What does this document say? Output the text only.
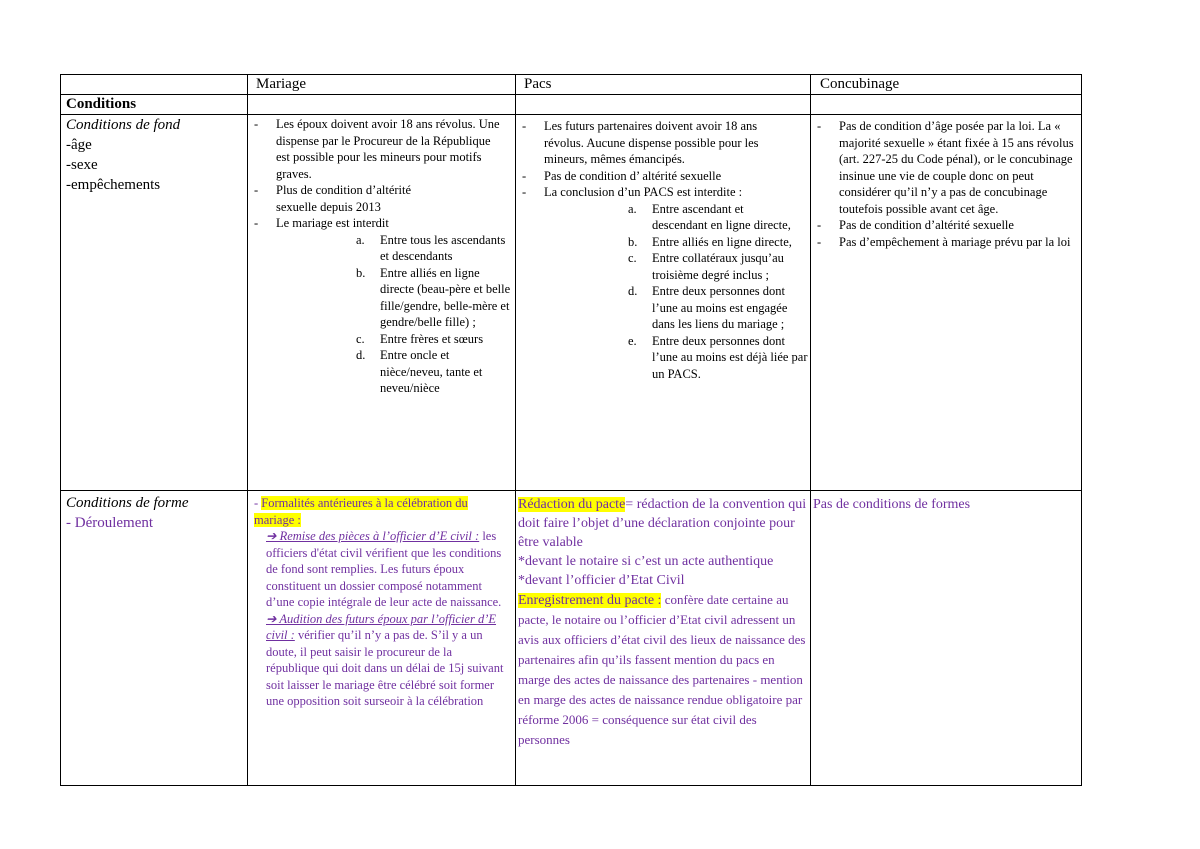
Mariage	Pacs	Concubinage
Conditions
Conditions de fond
-âge
-sexe
-empêchements
- Les époux doivent avoir 18 ans révolus. Une dispense par le Procureur de la République est possible pour les mineurs pour motifs graves.
- Plus de condition d’altérité sexuelle depuis 2013
- Le mariage est interdit
a. Entre tous les ascendants et descendants
b. Entre alliés en ligne directe (beau-père et belle fille/gendre, belle-mère et gendre/belle fille) ;
c. Entre frères et sœurs
d. Entre oncle et nièce/neveu, tante et neveu/nièce
- Les futurs partenaires doivent avoir 18 ans révolus. Aucune dispense possible pour les mineurs, mêmes émancipés.
- Pas de condition d’ altérité sexuelle
- La conclusion d’un PACS est interdite :
a. Entre ascendant et descendant en ligne directe,
b. Entre alliés en ligne directe,
c. Entre collatéraux jusqu’au troisième degré inclus ;
d. Entre deux personnes dont l’une au moins est engagée dans les liens du mariage ;
e. Entre deux personnes dont l’une au moins est déjà liée par un PACS.
- Pas de condition d’âge posée par la loi. La « majorité sexuelle » étant fixée à 15 ans révolus (art. 227-25 du Code pénal), or le concubinage insinue une vie de couple donc on peut considérer qu’il n’y a pas de concubinage toutefois possible avant cet âge.
- Pas de condition d’altérité sexuelle
- Pas d’empêchement à mariage prévu par la loi
Conditions de forme
- Déroulement
- Formalités antérieures à la célébration du mariage :
➔ Remise des pièces à l’officier d’E civil : les officiers d'état civil vérifient que les conditions de fond sont remplies. Les futurs époux constituent un dossier composé notamment d’une copie intégrale de leur acte de naissance.
➔ Audition des futurs époux par l’officier d’E civil : vérifier qu’il n’y a pas de. S’il y a un doute, il peut saisir le procureur de la république qui doit dans un délai de 15j suivant soit laisser le mariage être célébré soit former une opposition soit surseoir à la célébration
Rédaction du pacte= rédaction de la convention qui doit faire l’objet d’une déclaration conjointe pour être valable
*devant le notaire si c’est un acte authentique
*devant l’officier d’Etat Civil
Enregistrement du pacte : confère date certaine au pacte, le notaire ou l’officier d’Etat civil adressent un avis aux officiers d’état civil des lieux de naissance des partenaires afin qu’ils fassent mention du pacs en marge des actes de naissance des partenaires - mention en marge des actes de naissance rendue obligatoire par réforme 2006 = conséquence sur état civil des personnes
Pas de conditions de formes
